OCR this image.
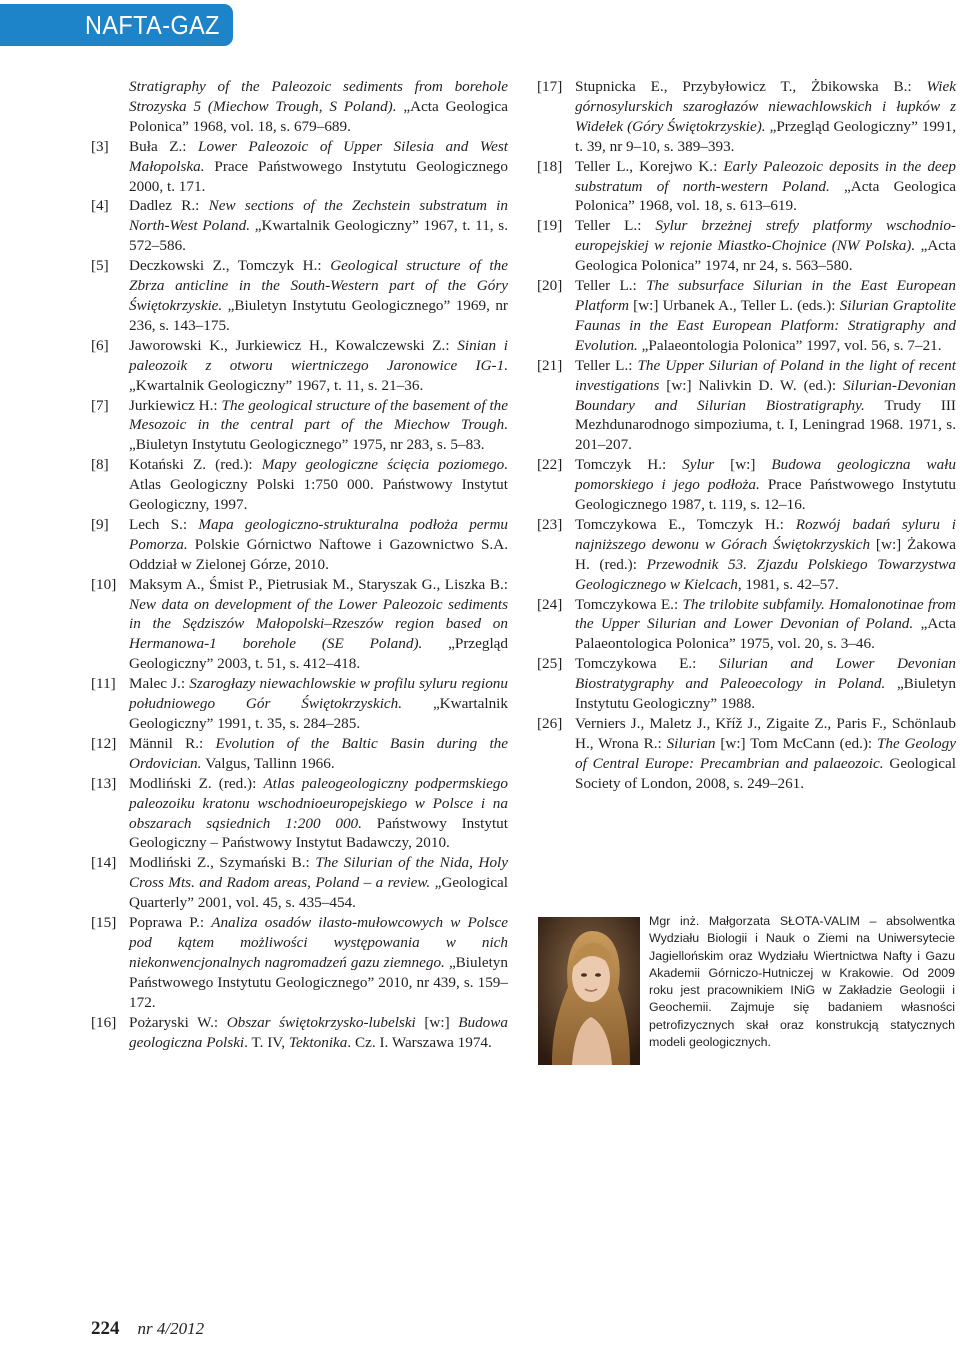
NAFTA-GAZ

Stratigraphy of the Paleozoic sediments from borehole Strozyska 5 (Miechow Trough, S Poland). „Acta Geologica Polonica” 1968, vol. 18, s. 679–689.

[3] Buła Z.: Lower Paleozoic of Upper Silesia and West Małopolska. Prace Państwowego Instytutu Geologicznego 2000, t. 171.

[4] Dadlez R.: New sections of the Zechstein substratum in North-West Poland. „Kwartalnik Geologiczny” 1967, t. 11, s. 572–586.

[5] Deczkowski Z., Tomczyk H.: Geological structure of the Zbrza anticline in the South-Western part of the Góry Świętokrzyskie. „Biuletyn Instytutu Geologicznego” 1969, nr 236, s. 143–175.

[6] Jaworowski K., Jurkiewicz H., Kowalczewski Z.: Sinian i paleozoik z otworu wiertniczego Jaronowice IG-1. „Kwartalnik Geologiczny” 1967, t. 11, s. 21–36.

[7] Jurkiewicz H.: The geological structure of the basement of the Mesozoic in the central part of the Miechow Trough. „Biuletyn Instytutu Geologicznego” 1975, nr 283, s. 5–83.

[8] Kotański Z. (red.): Mapy geologiczne ścięcia poziomego. Atlas Geologiczny Polski 1:750 000. Państwowy Instytut Geologiczny, 1997.

[9] Lech S.: Mapa geologiczno-strukturalna podłoża permu Pomorza. Polskie Górnictwo Naftowe i Gazownictwo S.A. Oddział w Zielonej Górze, 2010.

[10] Maksym A., Śmist P., Pietrusiak M., Staryszak G., Liszka B.: New data on development of the Lower Paleozoic sediments in the Sędziszów Małopolski–Rzeszów region based on Hermanowa-1 borehole (SE Poland). „Przegląd Geologiczny” 2003, t. 51, s. 412–418.

[11] Malec J.: Szarogłazy niewachlowskie w profilu syluru regionu południowego Gór Świętokrzyskich. „Kwartalnik Geologiczny” 1991, t. 35, s. 284–285.

[12] Männil R.: Evolution of the Baltic Basin during the Ordovician. Valgus, Tallinn 1966.

[13] Modliński Z. (red.): Atlas paleogeologiczny podpermskiego paleozoiku kratonu wschodnioeuropejskiego w Polsce i na obszarach sąsiednich 1:200 000. Państwowy Instytut Geologiczny – Państwowy Instytut Badawczy, 2010.

[14] Modliński Z., Szymański B.: The Silurian of the Nida, Holy Cross Mts. and Radom areas, Poland – a review. „Geological Quarterly” 2001, vol. 45, s. 435–454.

[15] Poprawa P.: Analiza osadów ilasto-mułowcowych w Polsce pod kątem możliwości występowania w nich niekonwencjonalnych nagromadzeń gazu ziemnego. „Biuletyn Państwowego Instytutu Geologicznego” 2010, nr 439, s. 159–172.

[16] Pożaryski W.: Obszar świętokrzysko-lubelski [w:] Budowa geologiczna Polski. T. IV, Tektonika. Cz. I. Warszawa 1974.

[17] Stupnicka E., Przybyłowicz T., Żbikowska B.: Wiek górnosylurskich szarogłazów niewachlowskich i łupków z Widełek (Góry Świętokrzyskie). „Przegląd Geologiczny” 1991, t. 39, nr 9–10, s. 389–393.

[18] Teller L., Korejwo K.: Early Paleozoic deposits in the deep substratum of north-western Poland. „Acta Geologica Polonica” 1968, vol. 18, s. 613–619.

[19] Teller L.: Sylur brzeżnej strefy platformy wschodnio-europejskiej w rejonie Miastko-Chojnice (NW Polska). „Acta Geologica Polonica” 1974, nr 24, s. 563–580.

[20] Teller L.: The subsurface Silurian in the East European Platform [w:] Urbanek A., Teller L. (eds.): Silurian Graptolite Faunas in the East European Platform: Stratigraphy and Evolution. „Palaeontologia Polonica” 1997, vol. 56, s. 7–21.

[21] Teller L.: The Upper Silurian of Poland in the light of recent investigations [w:] Nalivkin D. W. (ed.): Silurian-Devonian Boundary and Silurian Biostratigraphy. Trudy III Mezhdunarodnogo simpoziuma, t. I, Leningrad 1968. 1971, s. 201–207.

[22] Tomczyk H.: Sylur [w:] Budowa geologiczna wału pomorskiego i jego podłoża. Prace Państwowego Instytutu Geologicznego 1987, t. 119, s. 12–16.

[23] Tomczykowa E., Tomczyk H.: Rozwój badań syluru i najniższego dewonu w Górach Świętokrzyskich [w:] Żakowa H. (red.): Przewodnik 53. Zjazdu Polskiego Towarzystwa Geologicznego w Kielcach, 1981, s. 42–57.

[24] Tomczykowa E.: The trilobite subfamily. Homalonotinae from the Upper Silurian and Lower Devonian of Poland. „Acta Palaeontologica Polonica” 1975, vol. 20, s. 3–46.

[25] Tomczykowa E.: Silurian and Lower Devonian Biostratygraphy and Paleoecology in Poland. „Biuletyn Instytutu Geologiczny” 1988.

[26] Verniers J., Maletz J., Kříž J., Zigaite Z., Paris F., Schönlaub H., Wrona R.: Silurian [w:] Tom McCann (ed.): The Geology of Central Europe: Precambrian and palaeozoic. Geological Society of London, 2008, s. 249–261.

Mgr inż. Małgorzata SŁOTA-VALIM – absolwentka Wydziału Biologii i Nauk o Ziemi na Uniwersytecie Jagiellońskim oraz Wydziału Wiertnictwa Nafty i Gazu Akademii Górniczo-Hutniczej w Krakowie. Od 2009 roku jest pracownikiem INiG w Zakładzie Geologii i Geochemii. Zajmuje się badaniem własności petrofizycznych skał oraz konstrukcją statycznych modeli geologicznych.
224 nr 4/2012
